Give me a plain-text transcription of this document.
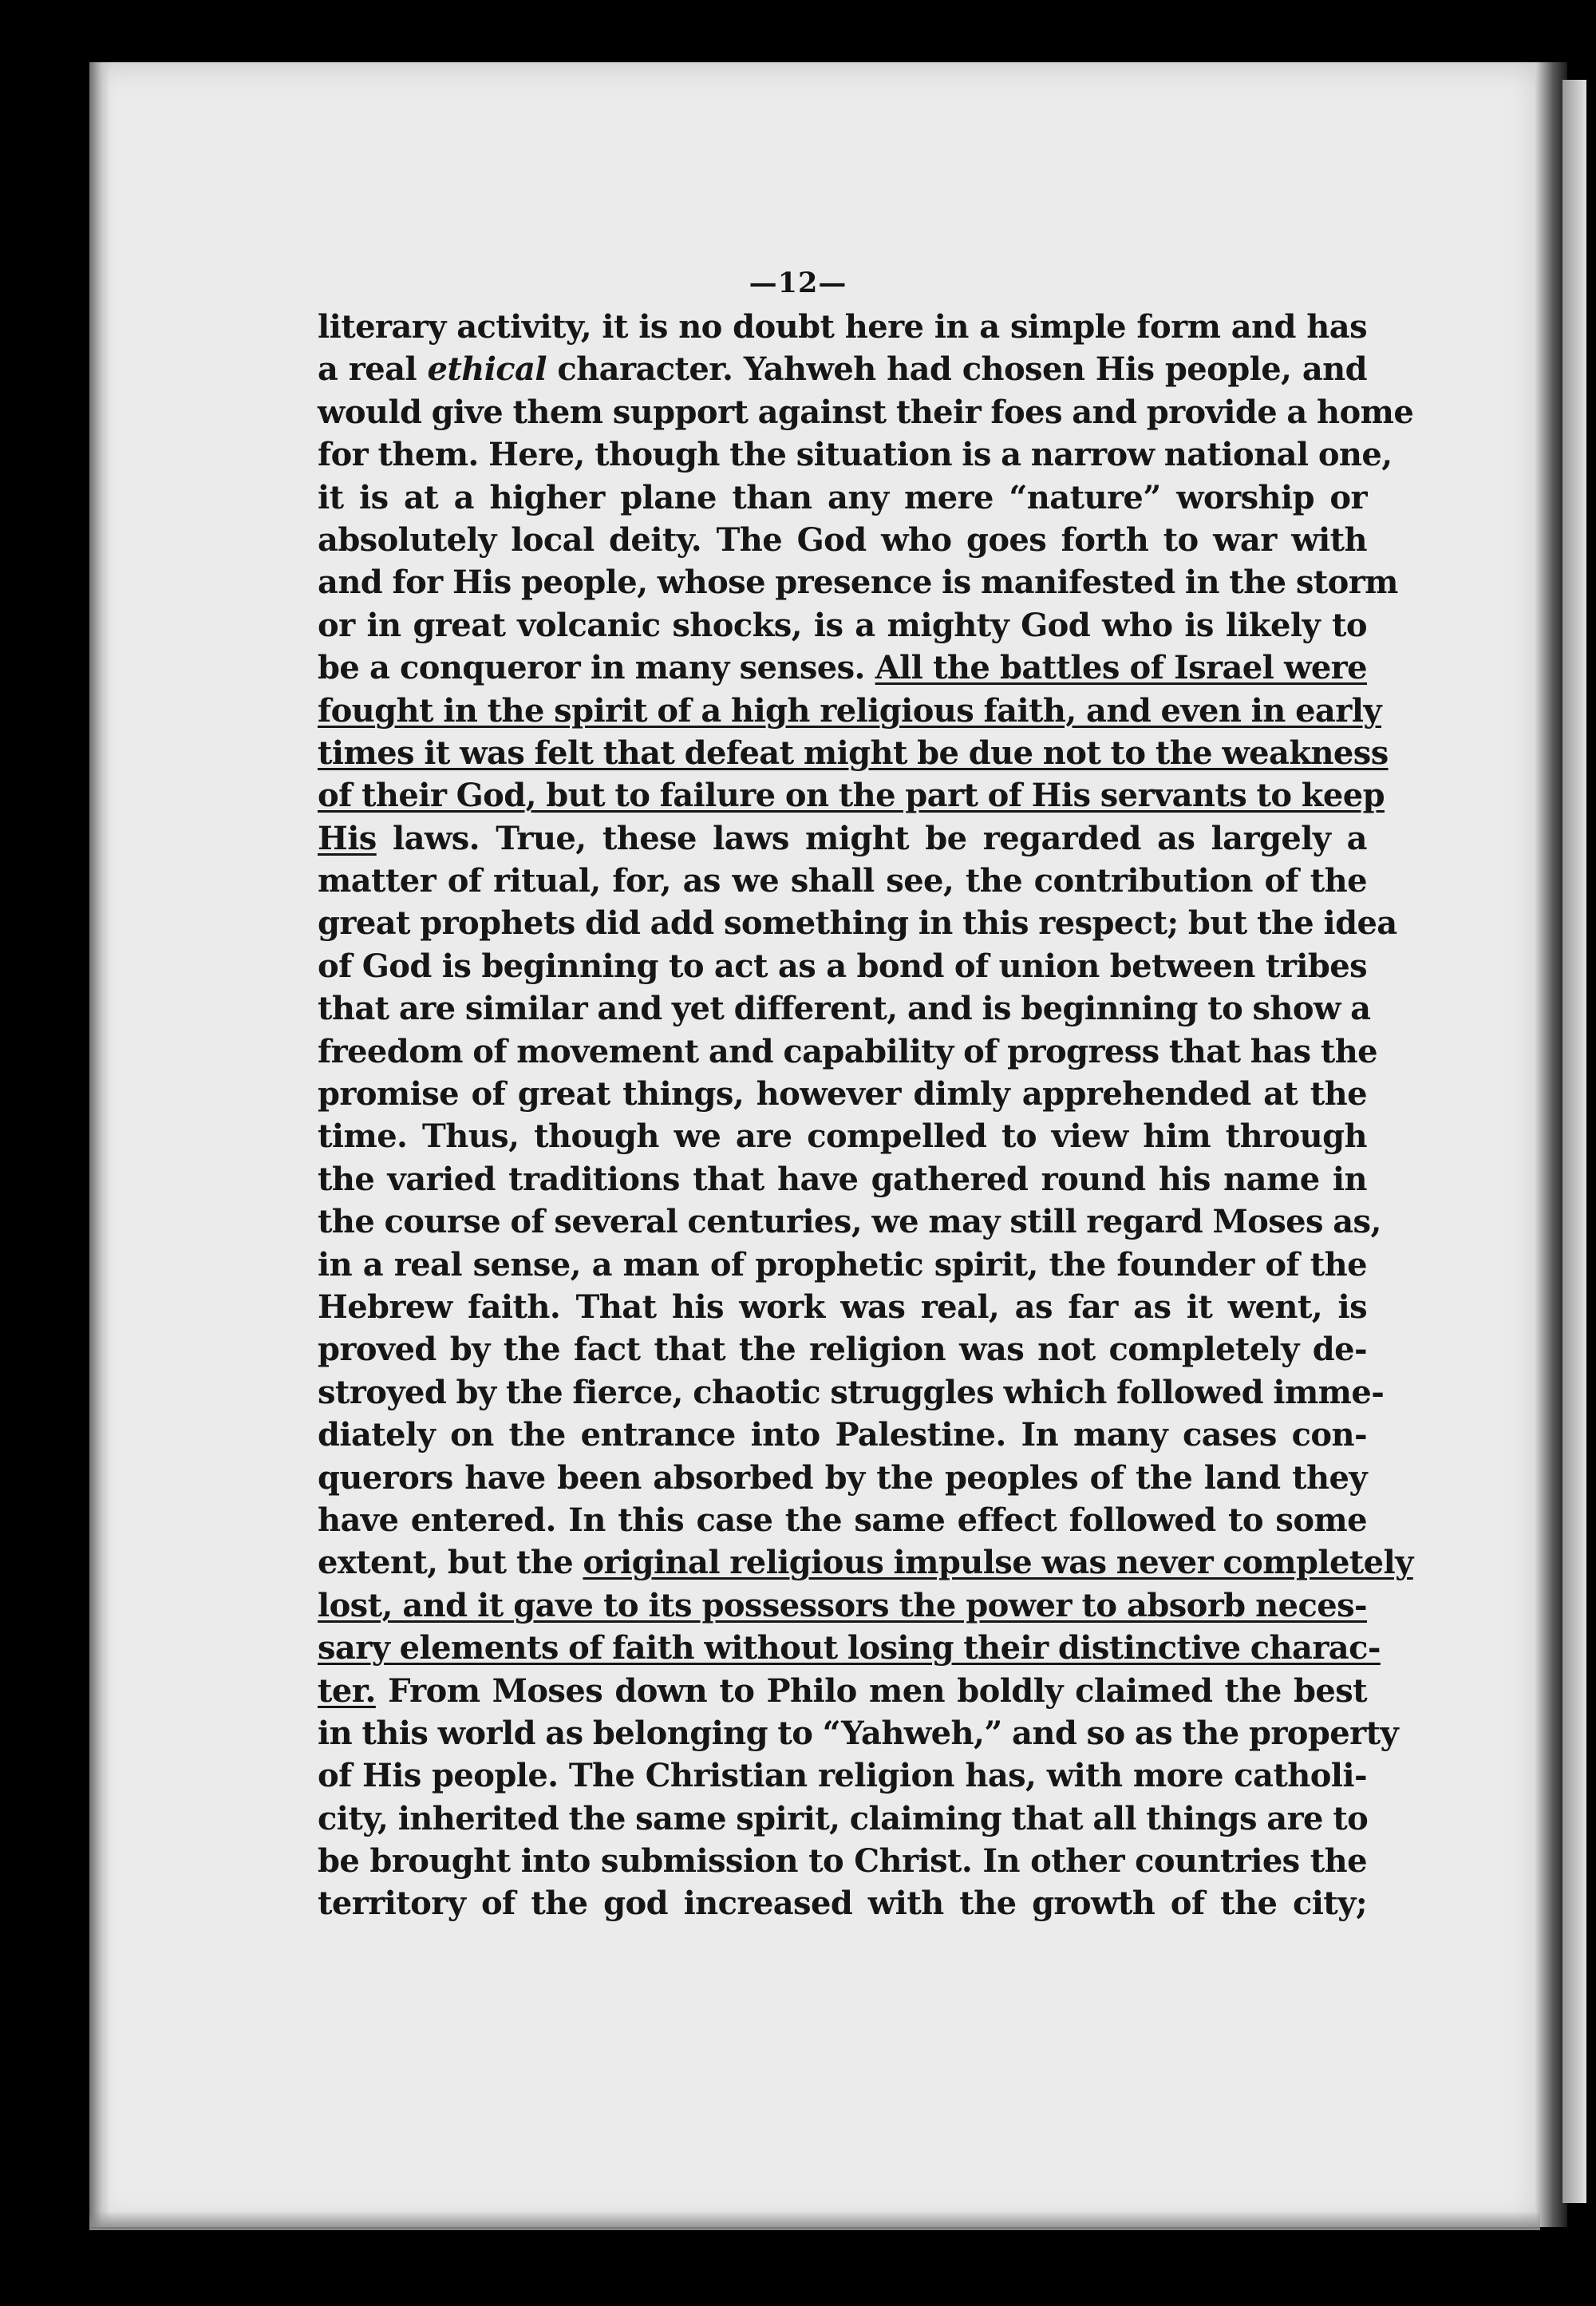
—12—
literary activity, it is no doubt here in a simple form and has
a real ethical character. Yahweh had chosen His people, and
would give them support against their foes and provide a home
for them. Here, though the situation is a narrow national one,
it is at a higher plane than any mere “nature” worship or
absolutely local deity. The God who goes forth to war with
and for His people, whose presence is manifested in the storm
or in great volcanic shocks, is a mighty God who is likely to
be a conqueror in many senses. All the battles of Israel were
fought in the spirit of a high religious faith, and even in early
times it was felt that defeat might be due not to the weakness
of their God, but to failure on the part of His servants to keep
His laws. True, these laws might be regarded as largely a
matter of ritual, for, as we shall see, the contribution of the
great prophets did add something in this respect; but the idea
of God is beginning to act as a bond of union between tribes
that are similar and yet different, and is beginning to show a
freedom of movement and capability of progress that has the
promise of great things, however dimly apprehended at the
time. Thus, though we are compelled to view him through
the varied traditions that have gathered round his name in
the course of several centuries, we may still regard Moses as,
in a real sense, a man of prophetic spirit, the founder of the
Hebrew faith. That his work was real, as far as it went, is
proved by the fact that the religion was not completely de-
stroyed by the fierce, chaotic struggles which followed imme-
diately on the entrance into Palestine. In many cases con-
querors have been absorbed by the peoples of the land they
have entered. In this case the same effect followed to some
extent, but the original religious impulse was never completely
lost, and it gave to its possessors the power to absorb neces-
sary elements of faith without losing their distinctive charac-
ter. From Moses down to Philo men boldly claimed the best
in this world as belonging to “Yahweh,” and so as the property
of His people. The Christian religion has, with more catholi-
city, inherited the same spirit, claiming that all things are to
be brought into submission to Christ. In other countries the
territory of the god increased with the growth of the city;
